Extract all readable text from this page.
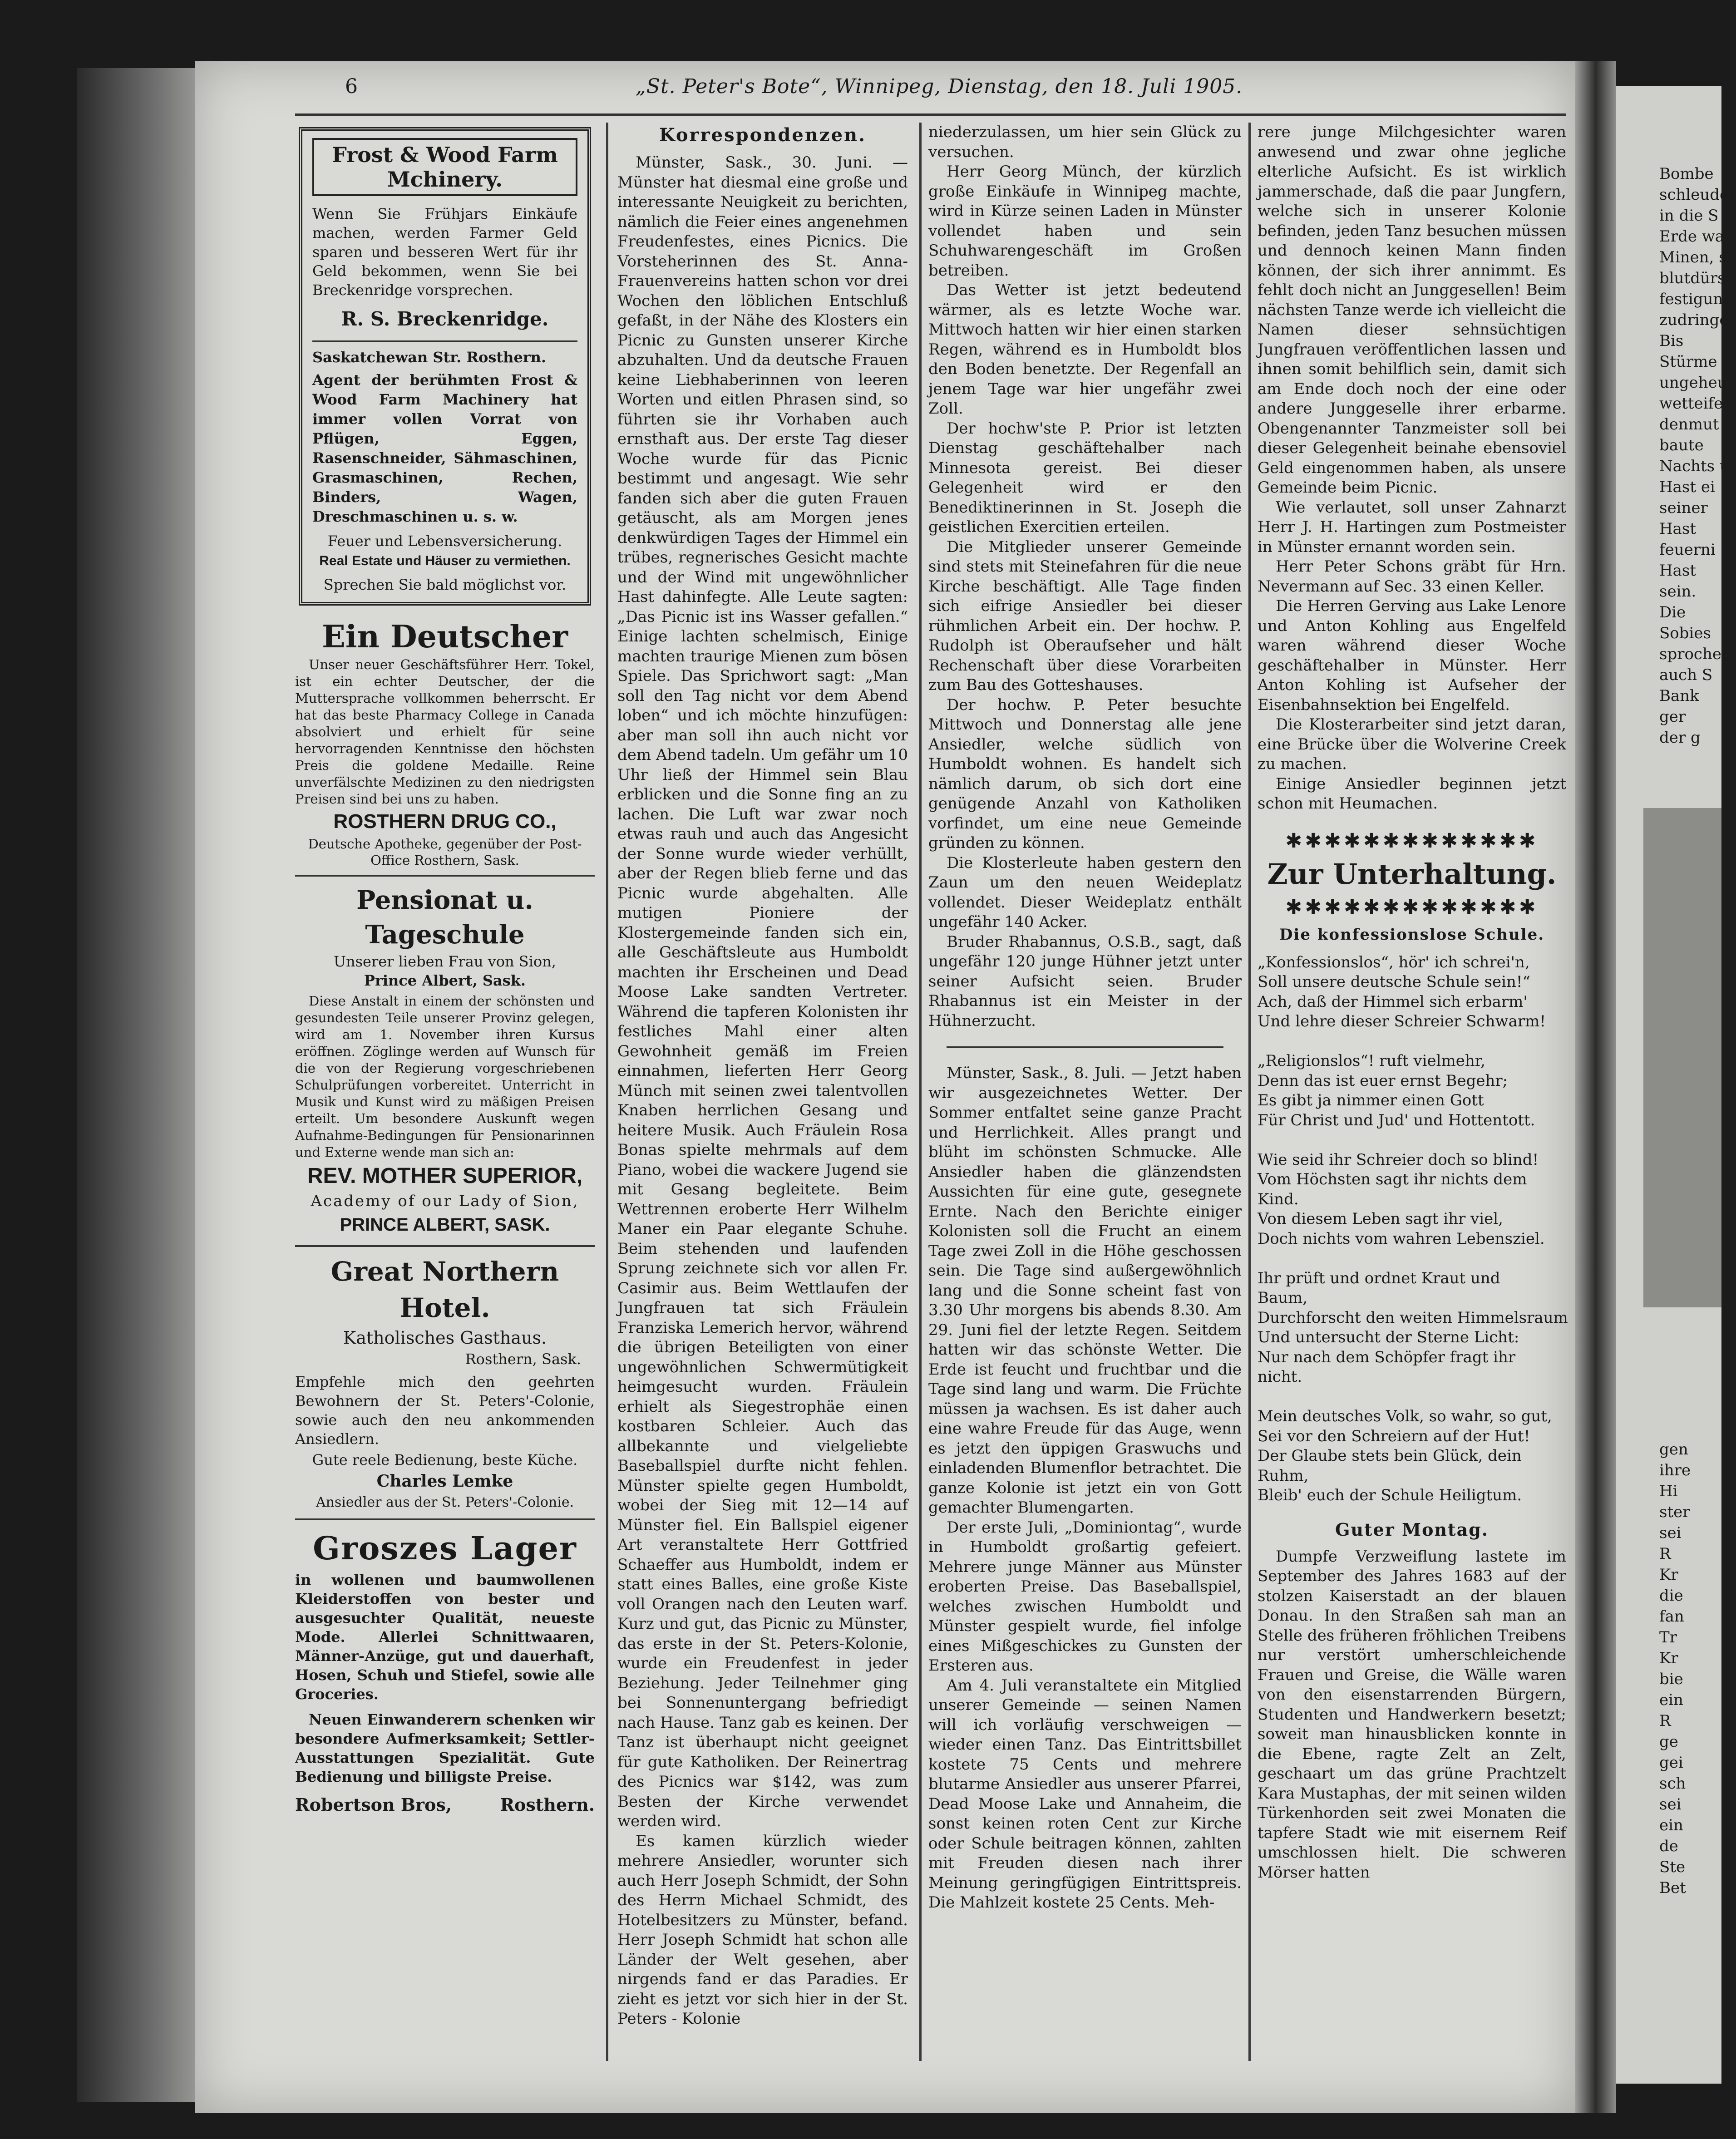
Bombe
schleuder
in die S
Erde wa
Minen, s
blutdürs
festigung
zudringe
Bis
Stürme
ungeheu
wetteife
denmut
baute
Nachts u
Hast ei
seiner
Hast
feuerni
Hast
sein.
Die
Sobies
sprochen
auch S
Bank
ger
der g
gen
ihre
Hi
ster
sei
R
Kr
die
fan
Tr
Kr
bie
ein
R
ge
gei
sch
sei
ein
de
Ste
Bet
6	„St. Peter's Bote“, Winnipeg, Dienstag, den 18. Juli 1905.
Frost & Wood Farm Mchinery.
Wenn Sie Frühjars Einkäufe machen, werden Farmer Geld sparen und besseren Wert für ihr Geld bekommen, wenn Sie bei Breckenridge vorsprechen.
R. S. Breckenridge.
Saskatchewan Str. Rosthern.
Agent der berühmten Frost & Wood Farm Machinery hat immer vollen Vorrat von Pflügen, Eggen, Rasenschneider, Sähmaschinen, Grasmaschinen, Rechen, Binders, Wagen, Dreschmaschinen u. s. w.
Feuer und Lebensversicherung.
Real Estate und Häuser zu vermiethen.
Sprechen Sie bald möglichst vor.
Ein Deutscher
Unser neuer Geschäftsführer Herr. Tokel, ist ein echter Deutscher, der die Muttersprache vollkommen beherrscht. Er hat das beste Pharmacy College in Canada absolviert und erhielt für seine hervorragenden Kenntnisse den höchsten Preis die goldene Medaille. Reine unverfälschte Medizinen zu den niedrigsten Preisen sind bei uns zu haben.
ROSTHERN DRUG CO.,
Deutsche Apotheke, gegenüber der Post-Office Rosthern, Sask.
Pensionat u. Tageschule
Unserer lieben Frau von Sion,
Prince Albert, Sask.
Diese Anstalt in einem der schönsten und gesundesten Teile unserer Provinz gelegen, wird am 1. November ihren Kursus eröffnen. Zöglinge werden auf Wunsch für die von der Regierung vorgeschriebenen Schulprüfungen vorbereitet. Unterricht in Musik und Kunst wird zu mäßigen Preisen erteilt. Um besondere Auskunft wegen Aufnahme-Bedingungen für Pensionarinnen und Externe wende man sich an:
REV. MOTHER SUPERIOR,
Academy of our Lady of Sion,
PRINCE ALBERT, SASK.
Great Northern Hotel.
Katholisches Gasthaus.
Rosthern, Sask.
Empfehle mich den geehrten Bewohnern der St. Peters'-Colonie, sowie auch den neu ankommenden Ansiedlern.
Gute reele Bedienung, beste Küche.
Charles Lemke
Ansiedler aus der St. Peters'-Colonie.
Groszes Lager
in wollenen und baumwollenen Kleiderstoffen von bester und ausgesuchter Qualität, neueste Mode. Allerlei Schnittwaaren, Männer-Anzüge, gut und dauerhaft, Hosen, Schuh und Stiefel, sowie alle Groceries.
Neuen Einwanderern schenken wir besondere Aufmerksamkeit; Settler-Ausstattungen Spezialität. Gute Bedienung und billigste Preise.
Robertson Bros,	Rosthern.
Korrespondenzen.

Münster, Sask., 30. Juni. — Münster hat diesmal eine große und interessante Neuigkeit zu berichten, nämlich die Feier eines angenehmen Freudenfestes, eines Picnics. Die Vorsteherinnen des St. Anna-Frauenvereins hatten schon vor drei Wochen den löblichen Entschluß gefaßt, in der Nähe des Klosters ein Picnic zu Gunsten unserer Kirche abzuhalten. Und da deutsche Frauen keine Liebhaberinnen von leeren Worten und eitlen Phrasen sind, so führten sie ihr Vorhaben auch ernsthaft aus. Der erste Tag dieser Woche wurde für das Picnic bestimmt und angesagt. Wie sehr fanden sich aber die guten Frauen getäuscht, als am Morgen jenes denkwürdigen Tages der Himmel ein trübes, regnerisches Gesicht machte und der Wind mit ungewöhnlicher Hast dahinfegte. Alle Leute sagten: „Das Picnic ist ins Wasser gefallen.“ Einige lachten schelmisch, Einige machten traurige Mienen zum bösen Spiele. Das Sprichwort sagt: „Man soll den Tag nicht vor dem Abend loben“ und ich möchte hinzufügen: aber man soll ihn auch nicht vor dem Abend tadeln. Um gefähr um 10 Uhr ließ der Himmel sein Blau erblicken und die Sonne fing an zu lachen. Die Luft war zwar noch etwas rauh und auch das Angesicht der Sonne wurde wieder verhüllt, aber der Regen blieb ferne und das Picnic wurde abgehalten. Alle mutigen Pioniere der Klostergemeinde fanden sich ein, alle Geschäftsleute aus Humboldt machten ihr Erscheinen und Dead Moose Lake sandten Vertreter. Während die tapferen Kolonisten ihr festliches Mahl einer alten Gewohnheit gemäß im Freien einnahmen, lieferten Herr Georg Münch mit seinen zwei talentvollen Knaben herrlichen Gesang und heitere Musik. Auch Fräulein Rosa Bonas spielte mehrmals auf dem Piano, wobei die wackere Jugend sie mit Gesang begleitete. Beim Wettrennen eroberte Herr Wilhelm Maner ein Paar elegante Schuhe. Beim stehenden und laufenden Sprung zeichnete sich vor allen Fr. Casimir aus. Beim Wettlaufen der Jungfrauen tat sich Fräulein Franziska Lemerich hervor, während die übrigen Beteiligten von einer ungewöhnlichen Schwermütigkeit heimgesucht wurden. Fräulein erhielt als Siegestrophäe einen kostbaren Schleier. Auch das allbekannte und vielgeliebte Baseballspiel durfte nicht fehlen. Münster spielte gegen Humboldt, wobei der Sieg mit 12—14 auf Münster fiel. Ein Ballspiel eigener Art veranstaltete Herr Gottfried Schaeffer aus Humboldt, indem er statt eines Balles, eine große Kiste voll Orangen nach den Leuten warf. Kurz und gut, das Picnic zu Münster, das erste in der St. Peters-Kolonie, wurde ein Freudenfest in jeder Beziehung. Jeder Teilnehmer ging bei Sonnenuntergang befriedigt nach Hause. Tanz gab es keinen. Der Tanz ist überhaupt nicht geeignet für gute Katholiken. Der Reinertrag des Picnics war $142, was zum Besten der Kirche verwendet werden wird.

Es kamen kürzlich wieder mehrere Ansiedler, worunter sich auch Herr Joseph Schmidt, der Sohn des Herrn Michael Schmidt, des Hotelbesitzers zu Münster, befand. Herr Joseph Schmidt hat schon alle Länder der Welt gesehen, aber nirgends fand er das Paradies. Er zieht es jetzt vor sich hier in der St. Peters - Kolonie

niederzulassen, um hier sein Glück zu versuchen.

Herr Georg Münch, der kürzlich große Einkäufe in Winnipeg machte, wird in Kürze seinen Laden in Münster vollendet haben und sein Schuhwarengeschäft im Großen betreiben.

Das Wetter ist jetzt bedeutend wärmer, als es letzte Woche war. Mittwoch hatten wir hier einen starken Regen, während es in Humboldt blos den Boden benetzte. Der Regenfall an jenem Tage war hier ungefähr zwei Zoll.

Der hochw'ste P. Prior ist letzten Dienstag geschäftehalber nach Minnesota gereist. Bei dieser Gelegenheit wird er den Benediktinerinnen in St. Joseph die geistlichen Exercitien erteilen.

Die Mitglieder unserer Gemeinde sind stets mit Steinefahren für die neue Kirche beschäftigt. Alle Tage finden sich eifrige Ansiedler bei dieser rühmlichen Arbeit ein. Der hochw. P. Rudolph ist Oberaufseher und hält Rechenschaft über diese Vorarbeiten zum Bau des Gotteshauses.

Der hochw. P. Peter besuchte Mittwoch und Donnerstag alle jene Ansiedler, welche südlich von Humboldt wohnen. Es handelt sich nämlich darum, ob sich dort eine genügende Anzahl von Katholiken vorfindet, um eine neue Gemeinde gründen zu können.

Die Klosterleute haben gestern den Zaun um den neuen Weideplatz vollendet. Dieser Weideplatz enthält ungefähr 140 Acker.

Bruder Rhabannus, O.S.B., sagt, daß ungefähr 120 junge Hühner jetzt unter seiner Aufsicht seien. Bruder Rhabannus ist ein Meister in der Hühnerzucht.

Münster, Sask., 8. Juli. — Jetzt haben wir ausgezeichnetes Wetter. Der Sommer entfaltet seine ganze Pracht und Herrlichkeit. Alles prangt und blüht im schönsten Schmucke. Alle Ansiedler haben die glänzendsten Aussichten für eine gute, gesegnete Ernte. Nach den Berichte einiger Kolonisten soll die Frucht an einem Tage zwei Zoll in die Höhe geschossen sein. Die Tage sind außergewöhnlich lang und die Sonne scheint fast von 3.30 Uhr morgens bis abends 8.30. Am 29. Juni fiel der letzte Regen. Seitdem hatten wir das schönste Wetter. Die Erde ist feucht und fruchtbar und die Tage sind lang und warm. Die Früchte müssen ja wachsen. Es ist daher auch eine wahre Freude für das Auge, wenn es jetzt den üppigen Graswuchs und einladenden Blumenflor betrachtet. Die ganze Kolonie ist jetzt ein von Gott gemachter Blumengarten.

Der erste Juli, „Dominiontag“, wurde in Humboldt großartig gefeiert. Mehrere junge Männer aus Münster eroberten Preise. Das Baseballspiel, welches zwischen Humboldt und Münster gespielt wurde, fiel infolge eines Mißgeschickes zu Gunsten der Ersteren aus.

Am 4. Juli veranstaltete ein Mitglied unserer Gemeinde — seinen Namen will ich vorläufig verschweigen — wieder einen Tanz. Das Eintrittsbillet kostete 75 Cents und mehrere blutarme Ansiedler aus unserer Pfarrei, Dead Moose Lake und Annaheim, die sonst keinen roten Cent zur Kirche oder Schule beitragen können, zahlten mit Freuden diesen nach ihrer Meinung geringfügigen Eintrittspreis. Die Mahlzeit kostete 25 Cents. Meh-

rere junge Milchgesichter waren anwesend und zwar ohne jegliche elterliche Aufsicht. Es ist wirklich jammerschade, daß die paar Jungfern, welche sich in unserer Kolonie befinden, jeden Tanz besuchen müssen und dennoch keinen Mann finden können, der sich ihrer annimmt. Es fehlt doch nicht an Junggesellen! Beim nächsten Tanze werde ich vielleicht die Namen dieser sehnsüchtigen Jungfrauen veröffentlichen lassen und ihnen somit behilflich sein, damit sich am Ende doch noch der eine oder andere Junggeselle ihrer erbarme. Obengenannter Tanzmeister soll bei dieser Gelegenheit beinahe ebensoviel Geld eingenommen haben, als unsere Gemeinde beim Picnic.

Wie verlautet, soll unser Zahnarzt Herr J. H. Hartingen zum Postmeister in Münster ernannt worden sein.

Herr Peter Schons gräbt für Hrn. Nevermann auf Sec. 33 einen Keller.

Die Herren Gerving aus Lake Lenore und Anton Kohling aus Engelfeld waren während dieser Woche geschäftehalber in Münster. Herr Anton Kohling ist Aufseher der Eisenbahnsektion bei Engelfeld.

Die Klosterarbeiter sind jetzt daran, eine Brücke über die Wolverine Creek zu machen.

Einige Ansiedler beginnen jetzt schon mit Heumachen.

✱✱✱✱✱✱✱✱✱✱✱✱✱
Zur Unterhaltung.
✱✱✱✱✱✱✱✱✱✱✱✱✱
Die konfessionslose Schule.
„Konfessionslos“, hör' ich schrei'n,
Soll unsere deutsche Schule sein!“
Ach, daß der Himmel sich erbarm'
Und lehre dieser Schreier Schwarm!

„Religionslos“! ruft vielmehr,
Denn das ist euer ernst Begehr;
Es gibt ja nimmer einen Gott
Für Christ und Jud' und Hottentott.

Wie seid ihr Schreier doch so blind!
Vom Höchsten sagt ihr nichts dem
Kind.
Von diesem Leben sagt ihr viel,
Doch nichts vom wahren Lebensziel.

Ihr prüft und ordnet Kraut und
Baum,
Durchforscht den weiten Himmelsraum
Und untersucht der Sterne Licht:
Nur nach dem Schöpfer fragt ihr
nicht.

Mein deutsches Volk, so wahr, so gut,
Sei vor den Schreiern auf der Hut!
Der Glaube stets bein Glück, dein
Ruhm,
Bleib' euch der Schule Heiligtum.
Guter Montag.

Dumpfe Verzweiflung lastete im September des Jahres 1683 auf der stolzen Kaiserstadt an der blauen Donau. In den Straßen sah man an Stelle des früheren fröhlichen Treibens nur verstört umherschleichende Frauen und Greise, die Wälle waren von den eisenstarrenden Bürgern, Studenten und Handwerkern besetzt; soweit man hinausblicken konnte in die Ebene, ragte Zelt an Zelt, geschaart um das grüne Prachtzelt Kara Mustaphas, der mit seinen wilden Türkenhorden seit zwei Monaten die tapfere Stadt wie mit eisernem Reif umschlossen hielt. Die schweren Mörser hatten
